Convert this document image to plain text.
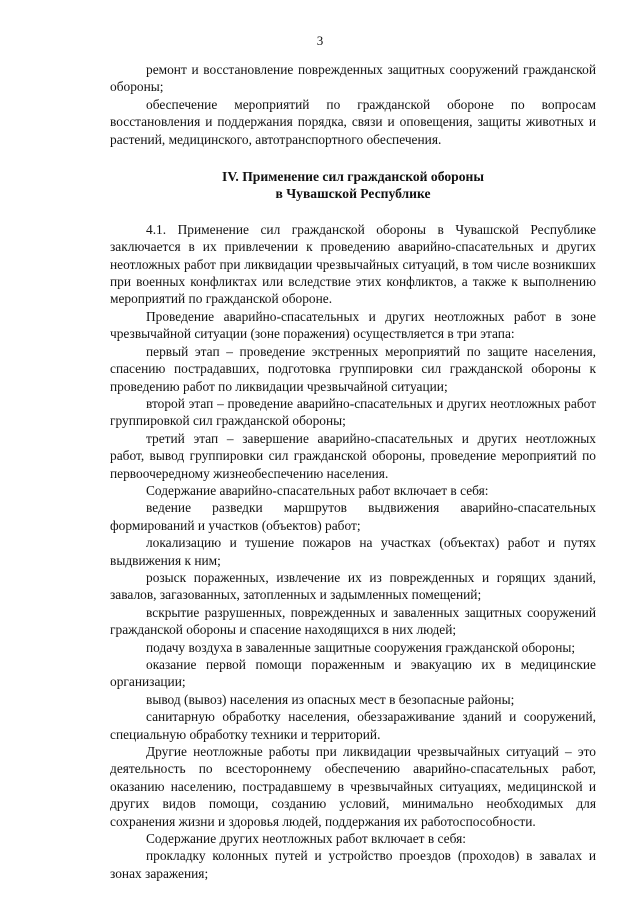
3

ремонт и восстановление поврежденных защитных сооружений гражданской обороны;

обеспечение мероприятий по гражданской обороне по вопросам восстановления и поддержания порядка, связи и оповещения, защиты животных и растений, медицинского, автотранспортного обеспечения.

IV. Применение сил гражданской обороны
в Чувашской Республике

4.1. Применение сил гражданской обороны в Чувашской Республике заключается в их привлечении к проведению аварийно-спасательных и других неотложных работ при ликвидации чрезвычайных ситуаций, в том числе возникших при военных конфликтах или вследствие этих конфликтов, а также к выполнению мероприятий по гражданской обороне.

Проведение аварийно-спасательных и других неотложных работ в зоне чрезвычайной ситуации (зоне поражения) осуществляется в три этапа:

первый этап – проведение экстренных мероприятий по защите населения, спасению пострадавших, подготовка группировки сил гражданской обороны к проведению работ по ликвидации чрезвычайной ситуации;

второй этап – проведение аварийно-спасательных и других неотложных работ группировкой сил гражданской обороны;

третий этап – завершение аварийно-спасательных и других неотложных работ, вывод группировки сил гражданской обороны, проведение мероприятий по первоочередному жизнеобеспечению населения.

Содержание аварийно-спасательных работ включает в себя:

ведение разведки маршрутов выдвижения аварийно-спасательных формирований и участков (объектов) работ;

локализацию и тушение пожаров на участках (объектах) работ и путях выдвижения к ним;

розыск пораженных, извлечение их из поврежденных и горящих зданий, завалов, загазованных, затопленных и задымленных помещений;

вскрытие разрушенных, поврежденных и заваленных защитных сооружений гражданской обороны и спасение находящихся в них людей;

подачу воздуха в заваленные защитные сооружения гражданской обороны;

оказание первой помощи пораженным и эвакуацию их в медицинские организации;

вывод (вывоз) населения из опасных мест в безопасные районы;

санитарную обработку населения, обеззараживание зданий и сооружений, специальную обработку техники и территорий.

Другие неотложные работы при ликвидации чрезвычайных ситуаций – это деятельность по всестороннему обеспечению аварийно-спасательных работ, оказанию населению, пострадавшему в чрезвычайных ситуациях, медицинской и других видов помощи, созданию условий, минимально необходимых для сохранения жизни и здоровья людей, поддержания их работоспособности.

Содержание других неотложных работ включает в себя:

прокладку колонных путей и устройство проездов (проходов) в завалах и зонах заражения;
